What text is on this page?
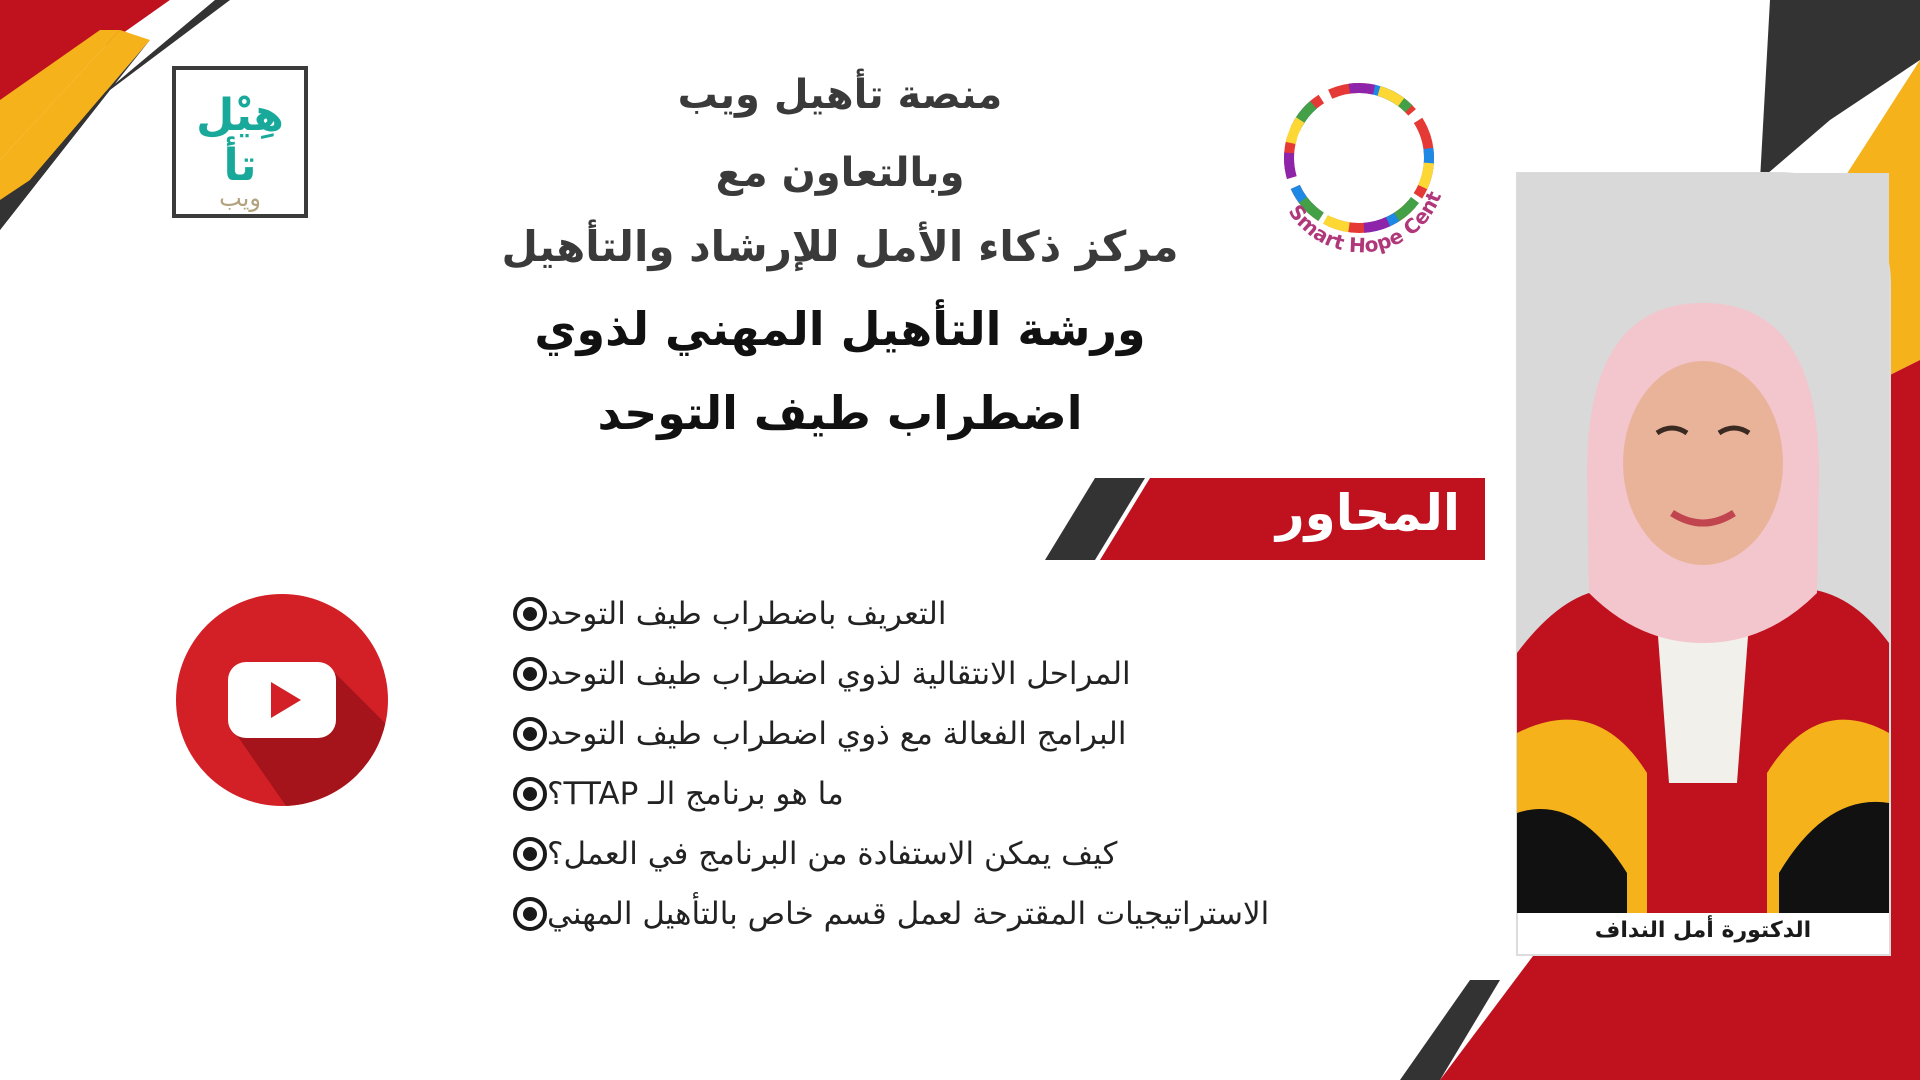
هِيْل
تأ
ويب
Smart Hope Cent
منصة تأهيل ويب
وبالتعاون مع
مركز ذكاء الأمل للإرشاد والتأهيل
ورشة التأهيل المهني لذوي
اضطراب طيف التوحد
المحاور
التعريف باضطراب طيف التوحد
المراحل الانتقالية لذوي اضطراب طيف التوحد
البرامج الفعالة مع ذوي اضطراب طيف التوحد
ما هو برنامج الـ TTAP؟
كيف يمكن الاستفادة من البرنامج في العمل؟
الاستراتيجيات المقترحة لعمل قسم خاص بالتأهيل المهني	الدكتورة أمل النداف
